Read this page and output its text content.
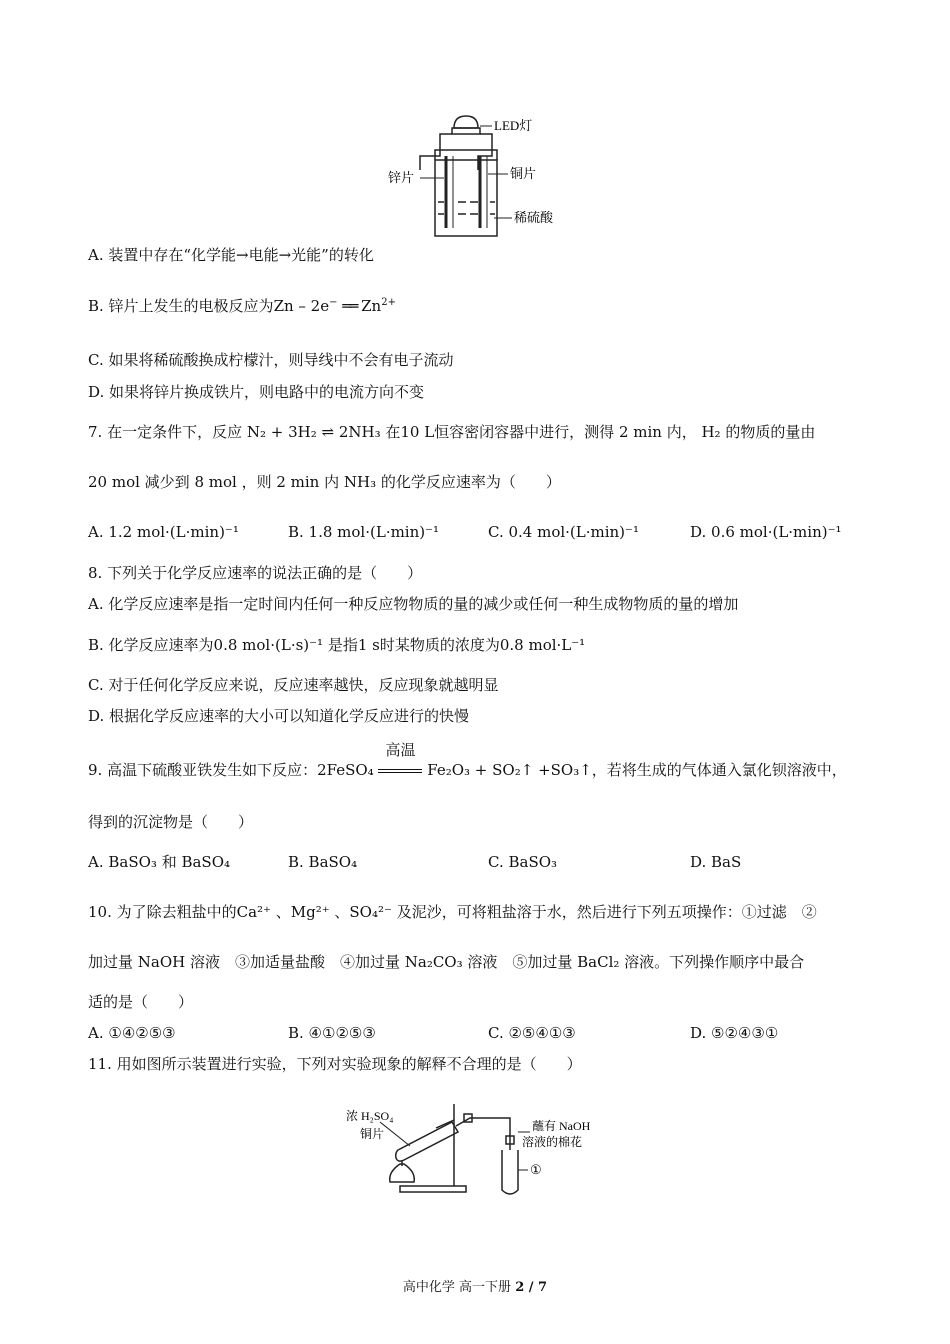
LED灯
锌片	铜片
稀硫酸
A. 装置中存在“化学能→电能→光能”的转化
B. 锌片上发生的电极反应为Zn – 2e− ══ $Zn^{2+}$
C. 如果将稀硫酸换成柠檬汁，则导线中不会有电子流动
D. 如果将锌片换成铁片，则电路中的电流方向不变
7. 在一定条件下，反应 N₂ + 3H₂ ⇌ 2NH₃ 在10 L恒容密闭容器中进行，测得 2 min 内， H₂ 的物质的量由
20 mol 减少到 8 mol ，则 2 min 内 NH₃ 的化学反应速率为（　　）
A. 1.2 mol·(L·min)⁻¹	B. 1.8 mol·(L·min)⁻¹	C. 0.4 mol·(L·min)⁻¹	D. 0.6 mol·(L·min)⁻¹
8. 下列关于化学反应速率的说法正确的是（　　）
A. 化学反应速率是指一定时间内任何一种反应物物质的量的减少或任何一种生成物物质的量的增加
B. 化学反应速率为0.8 mol·(L·s)⁻¹ 是指1 s时某物质的浓度为0.8 mol·L⁻¹
C. 对于任何化学反应来说，反应速率越快，反应现象就越明显
D. 根据化学反应速率的大小可以知道化学反应进行的快慢
9. 高温下硫酸亚铁发生如下反应：2FeSO₄
高温
Fe₂O₃ + SO₂↑ +SO₃↑，若将生成的气体通入氯化钡溶液中，
得到的沉淀物是（　　）
A. BaSO₃ 和 BaSO₄	B. BaSO₄	C. BaSO₃	D. BaS
10. 为了除去粗盐中的Ca²⁺ 、Mg²⁺ 、SO₄²⁻ 及泥沙，可将粗盐溶于水，然后进行下列五项操作：①过滤　②
加过量 NaOH 溶液　③加适量盐酸　④加过量 Na₂CO₃ 溶液　⑤加过量 BaCl₂ 溶液。下列操作顺序中最合
适的是（　　）
A. ①④②⑤③	B. ④①②⑤③	C. ②⑤④①③	D. ⑤②④③①
11. 用如图所示装置进行实验，下列对实验现象的解释不合理的是（　　）
浓 H₂SO₄
铜片
蘸有 NaOH
溶液的棉花
①
高中化学 高一下册 2 / 7
